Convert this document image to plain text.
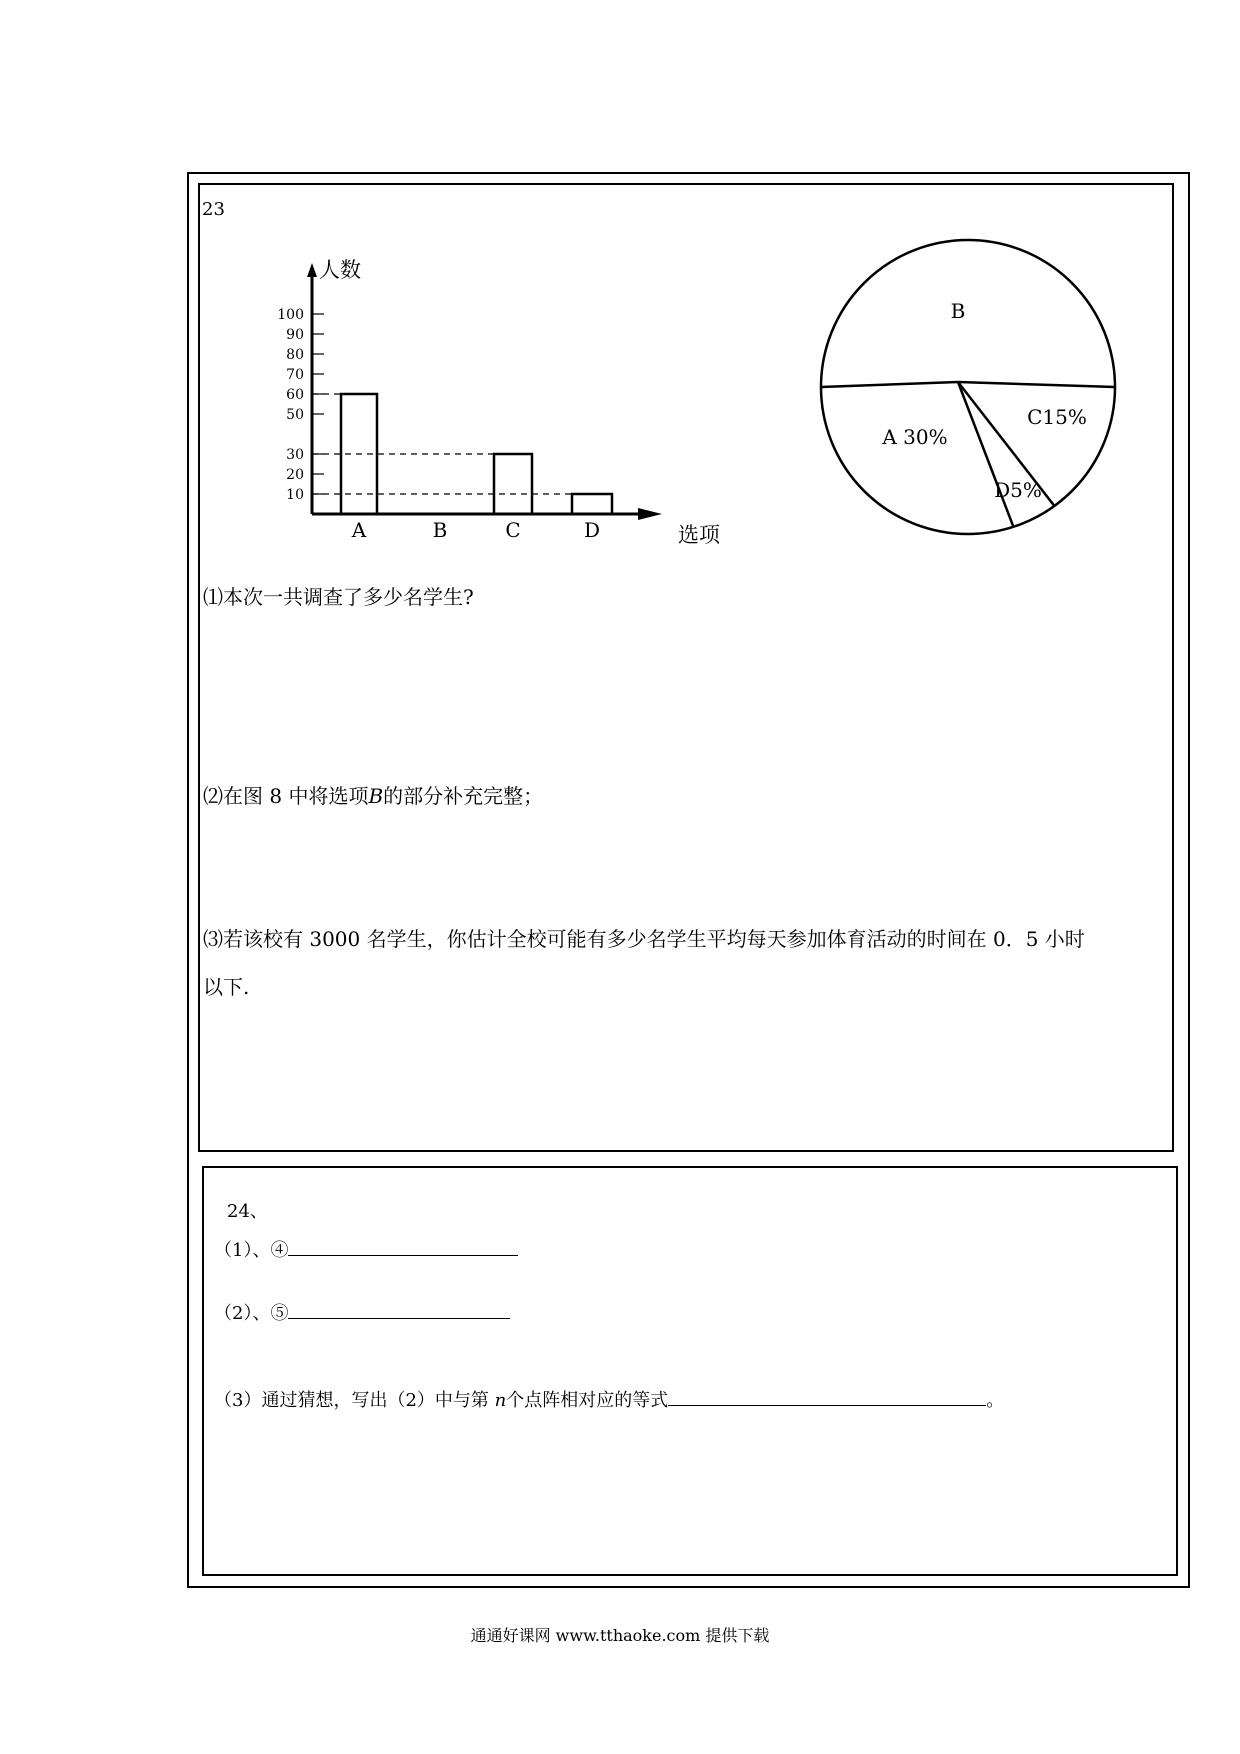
23
人数
选项
10
20
30
50
60
70
80
90
100
A	B	C	D
B
C15%
D5%
A 30%
⑴本次一共调查了多少名学生?
⑵在图 8 中将选项B的部分补充完整；
⑶若该校有 3000 名学生，你估计全校可能有多少名学生平均每天参加体育活动的时间在 0．5 小时
以下.
24、
（1）、④
（2）、⑤
（3）通过猜想，写出（2）中与第 n个点阵相对应的等式	。
通通好课网 www.tthaoke.com 提供下载
